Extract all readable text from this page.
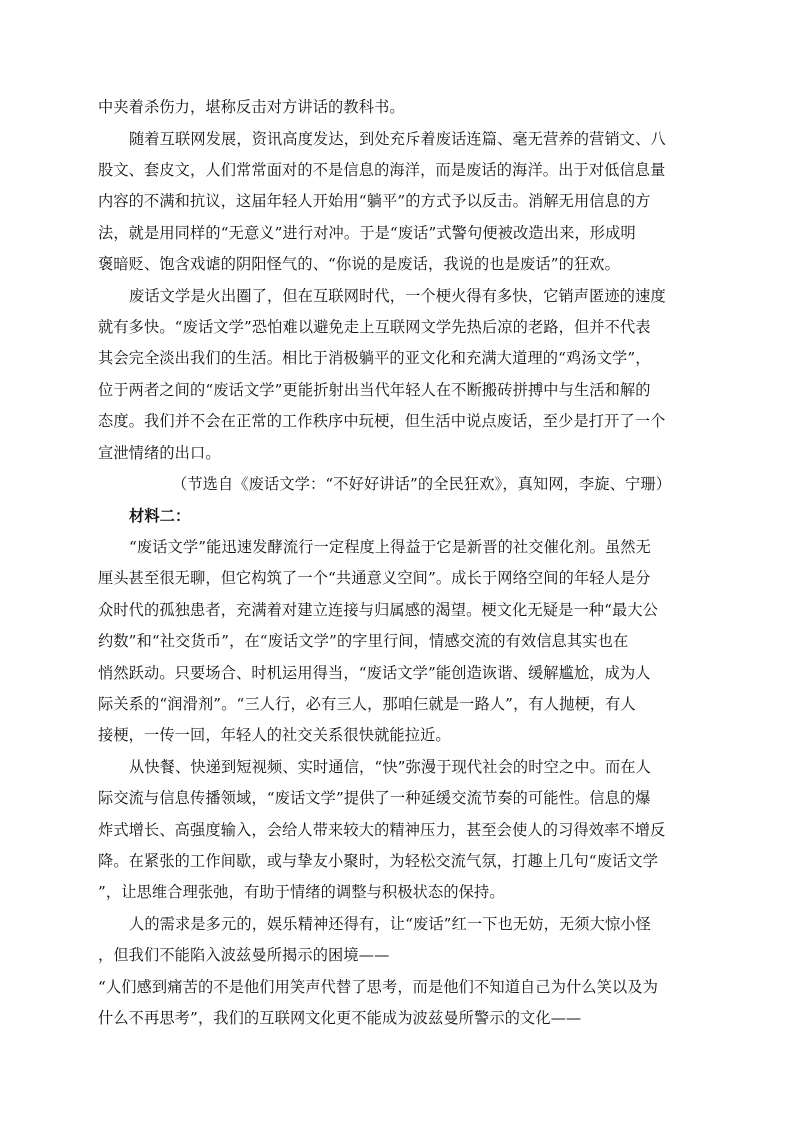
中夹着杀伤力，堪称反击对方讲话的教科书。
随着互联网发展，资讯高度发达，到处充斥着废话连篇、毫无营养的营销文、八
股文、套皮文，人们常常面对的不是信息的海洋，而是废话的海洋。出于对低信息量
内容的不满和抗议，这届年轻人开始用“躺平”的方式予以反击。消解无用信息的方
法，就是用同样的“无意义”进行对冲。于是“废话”式警句便被改造出来，形成明
褒暗贬、饱含戏谑的阴阳怪气的、“你说的是废话，我说的也是废话”的狂欢。
废话文学是火出圈了，但在互联网时代，一个梗火得有多快，它销声匿迹的速度
就有多快。“废话文学”恐怕难以避免走上互联网文学先热后凉的老路，但并不代表
其会完全淡出我们的生活。相比于消极躺平的亚文化和充满大道理的“鸡汤文学”，
位于两者之间的“废话文学”更能折射出当代年轻人在不断搬砖拼搏中与生活和解的
态度。我们并不会在正常的工作秩序中玩梗，但生活中说点废话，至少是打开了一个
宣泄情绪的出口。
（节选自《废话文学：“不好好讲话”的全民狂欢》，真知网，李旋、宁珊）
材料二：
“废话文学”能迅速发酵流行一定程度上得益于它是新晋的社交催化剂。虽然无
厘头甚至很无聊，但它构筑了一个“共通意义空间”。成长于网络空间的年轻人是分
众时代的孤独患者，充满着对建立连接与归属感的渴望。梗文化无疑是一种“最大公
约数”和“社交货币”，在“废话文学”的字里行间，情感交流的有效信息其实也在
悄然跃动。只要场合、时机运用得当，“废话文学”能创造诙谐、缓解尴尬，成为人
际关系的“润滑剂”。“三人行，必有三人，那咱仨就是一路人”，有人抛梗，有人
接梗，一传一回，年轻人的社交关系很快就能拉近。
从快餐、快递到短视频、实时通信，“快”弥漫于现代社会的时空之中。而在人
际交流与信息传播领域，“废话文学”提供了一种延缓交流节奏的可能性。信息的爆
炸式增长、高强度输入，会给人带来较大的精神压力，甚至会使人的习得效率不增反
降。在紧张的工作间歇，或与挚友小聚时，为轻松交流气氛，打趣上几句“废话文学
”，让思维合理张弛，有助于情绪的调整与积极状态的保持。
人的需求是多元的，娱乐精神还得有，让“废话”红一下也无妨，无须大惊小怪
，但我们不能陷入波兹曼所揭示的困境——
“人们感到痛苦的不是他们用笑声代替了思考，而是他们不知道自己为什么笑以及为
什么不再思考”，我们的互联网文化更不能成为波兹曼所警示的文化——
